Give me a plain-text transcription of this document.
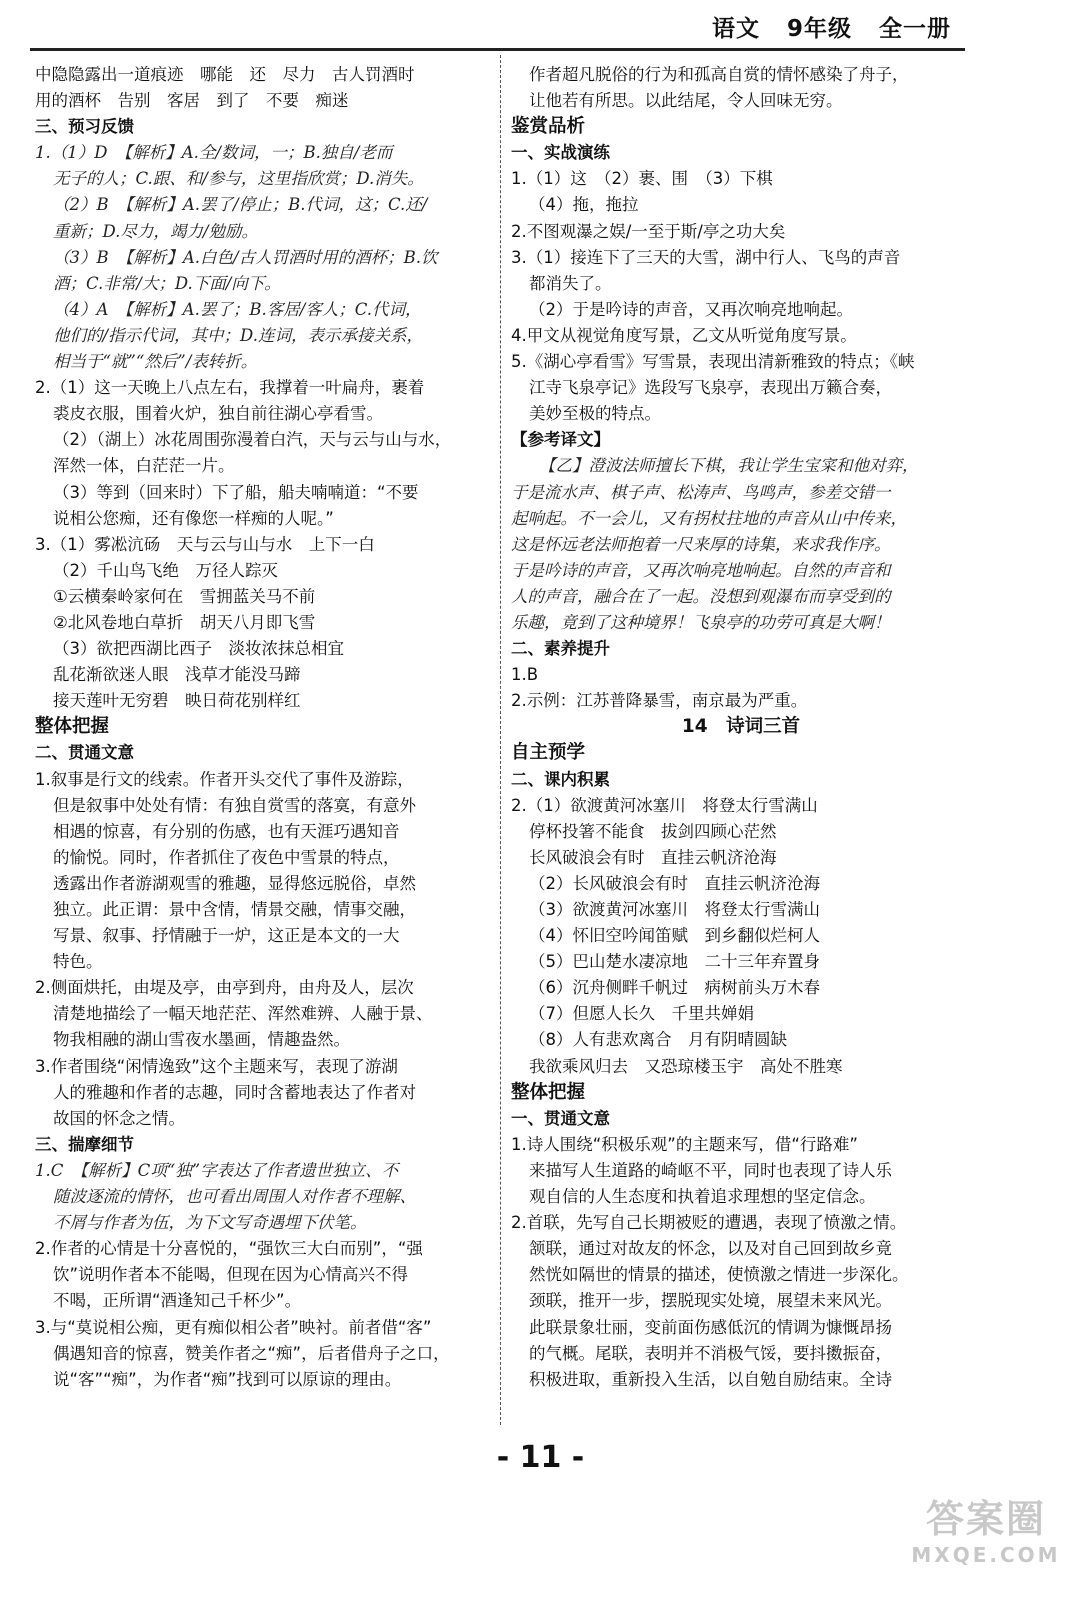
语文 9年级 全一册
中隐隐露出一道痕迹　哪能　还　尽力　古人罚酒时
用的酒杯　告别　客居　到了　不要　痴迷
三、预习反馈
1.（1）D　【解析】A.全/数词，一；B.独自/老而
无子的人；C.跟、和/参与，这里指欣赏；D.消失。
（2）B　【解析】A.罢了/停止；B.代词，这；C.还/
重新；D.尽力，竭力/勉励。
（3）B　【解析】A.白色/古人罚酒时用的酒杯；B.饮
酒；C.非常/大；D.下面/向下。
（4）A　【解析】A.罢了；B.客居/客人；C.代词，
他们的/指示代词，其中；D.连词，表示承接关系，
相当于“就”“然后”/表转折。
2.（1）这一天晚上八点左右，我撑着一叶扁舟，裹着
裘皮衣服，围着火炉，独自前往湖心亭看雪。
（2）（湖上）冰花周围弥漫着白汽，天与云与山与水，
浑然一体，白茫茫一片。
（3）等到（回来时）下了船，船夫喃喃道：“不要
说相公您痴，还有像您一样痴的人呢。”
3.（1）雾凇沆砀　天与云与山与水　上下一白
（2）千山鸟飞绝　万径人踪灭
①云横秦岭家何在　雪拥蓝关马不前
②北风卷地白草折　胡天八月即飞雪
（3）欲把西湖比西子　淡妆浓抹总相宜
乱花渐欲迷人眼　浅草才能没马蹄
接天莲叶无穷碧　映日荷花别样红
整体把握
二、贯通文意
1.叙事是行文的线索。作者开头交代了事件及游踪，
但是叙事中处处有情：有独自赏雪的落寞，有意外
相遇的惊喜，有分别的伤感，也有天涯巧遇知音
的愉悦。同时，作者抓住了夜色中雪景的特点，
透露出作者游湖观雪的雅趣，显得悠远脱俗，卓然
独立。此正谓：景中含情，情景交融，情事交融，
写景、叙事、抒情融于一炉，这正是本文的一大
特色。
2.侧面烘托，由堤及亭，由亭到舟，由舟及人，层次
清楚地描绘了一幅天地茫茫、浑然难辨、人融于景、
物我相融的湖山雪夜水墨画，情趣盎然。
3.作者围绕“闲情逸致”这个主题来写，表现了游湖
人的雅趣和作者的志趣，同时含蓄地表达了作者对
故国的怀念之情。
三、揣摩细节
1.C　【解析】C项“独”字表达了作者遗世独立、不
随波逐流的情怀，也可看出周围人对作者不理解、
不屑与作者为伍，为下文写奇遇埋下伏笔。
2.作者的心情是十分喜悦的，“强饮三大白而别”，“强
饮”说明作者本不能喝，但现在因为心情高兴不得
不喝，正所谓“酒逢知己千杯少”。
3.与“莫说相公痴，更有痴似相公者”映衬。前者借“客”
偶遇知音的惊喜，赞美作者之“痴”，后者借舟子之口，
说“客”“痴”，为作者“痴”找到可以原谅的理由。
作者超凡脱俗的行为和孤高自赏的情怀感染了舟子，
让他若有所思。以此结尾，令人回味无穷。
鉴赏品析
一、实战演练
1.（1）这　（2）裹、围　（3）下棋
（4）拖，拖拉
2.不图观瀑之娱/一至于斯/亭之功大矣
3.（1）接连下了三天的大雪，湖中行人、飞鸟的声音
都消失了。
（2）于是吟诗的声音，又再次响亮地响起。
4.甲文从视觉角度写景，乙文从听觉角度写景。
5.《湖心亭看雪》写雪景，表现出清新雅致的特点；《峡
江寺飞泉亭记》选段写飞泉亭，表现出万籁合奏，
美妙至极的特点。
【参考译文】
【乙】澄波法师擅长下棋，我让学生宝寀和他对弈，
于是流水声、棋子声、松涛声、鸟鸣声，参差交错一
起响起。不一会儿，又有拐杖拄地的声音从山中传来，
这是怀远老法师抱着一尺来厚的诗集，来求我作序。
于是吟诗的声音，又再次响亮地响起。自然的声音和
人的声音，融合在了一起。没想到观瀑布而享受到的
乐趣，竟到了这种境界！飞泉亭的功劳可真是大啊！
二、素养提升
1.B
2.示例：江苏普降暴雪，南京最为严重。
14　诗词三首
自主预学
二、课内积累
2.（1）欲渡黄河冰塞川　将登太行雪满山
停杯投箸不能食　拔剑四顾心茫然
长风破浪会有时　直挂云帆济沧海
（2）长风破浪会有时　直挂云帆济沧海
（3）欲渡黄河冰塞川　将登太行雪满山
（4）怀旧空吟闻笛赋　到乡翻似烂柯人
（5）巴山楚水凄凉地　二十三年弃置身
（6）沉舟侧畔千帆过　病树前头万木春
（7）但愿人长久　千里共婵娟
（8）人有悲欢离合　月有阴晴圆缺
我欲乘风归去　又恐琼楼玉宇　高处不胜寒
整体把握
一、贯通文意
1.诗人围绕“积极乐观”的主题来写，借“行路难”
来描写人生道路的崎岖不平，同时也表现了诗人乐
观自信的人生态度和执着追求理想的坚定信念。
2.首联，先写自己长期被贬的遭遇，表现了愤激之情。
颔联，通过对故友的怀念，以及对自己回到故乡竟
然恍如隔世的情景的描述，使愤激之情进一步深化。
颈联，推开一步，摆脱现实处境，展望未来风光。
此联景象壮丽，变前面伤感低沉的情调为慷慨昂扬
的气概。尾联，表明并不消极气馁，要抖擞振奋，
积极进取，重新投入生活，以自勉自励结束。全诗
- 11 -
答案圈
MXQE.COM
